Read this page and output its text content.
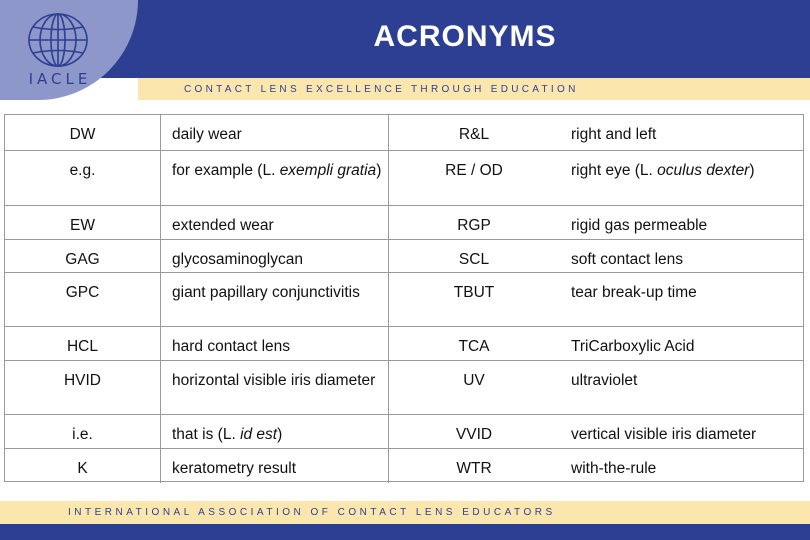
IACLE
ACRONYMS
CONTACT LENS EXCELLENCE THROUGH EDUCATION
DW	daily wear	R&L	right and left
e.g.	for example (L. exempli gratia)	RE / OD	right eye (L. oculus dexter)
EW	extended wear	RGP	rigid gas permeable
GAG	glycosaminoglycan	SCL	soft contact lens
GPC	giant papillary conjunctivitis	TBUT	tear break-up time
HCL	hard contact lens	TCA	TriCarboxylic Acid
HVID	horizontal visible iris diameter	UV	ultraviolet
i.e.	that is (L. id est)	VVID	vertical visible iris diameter
K	keratometry result	WTR	with-the-rule
INTERNATIONAL ASSOCIATION OF CONTACT LENS EDUCATORS
